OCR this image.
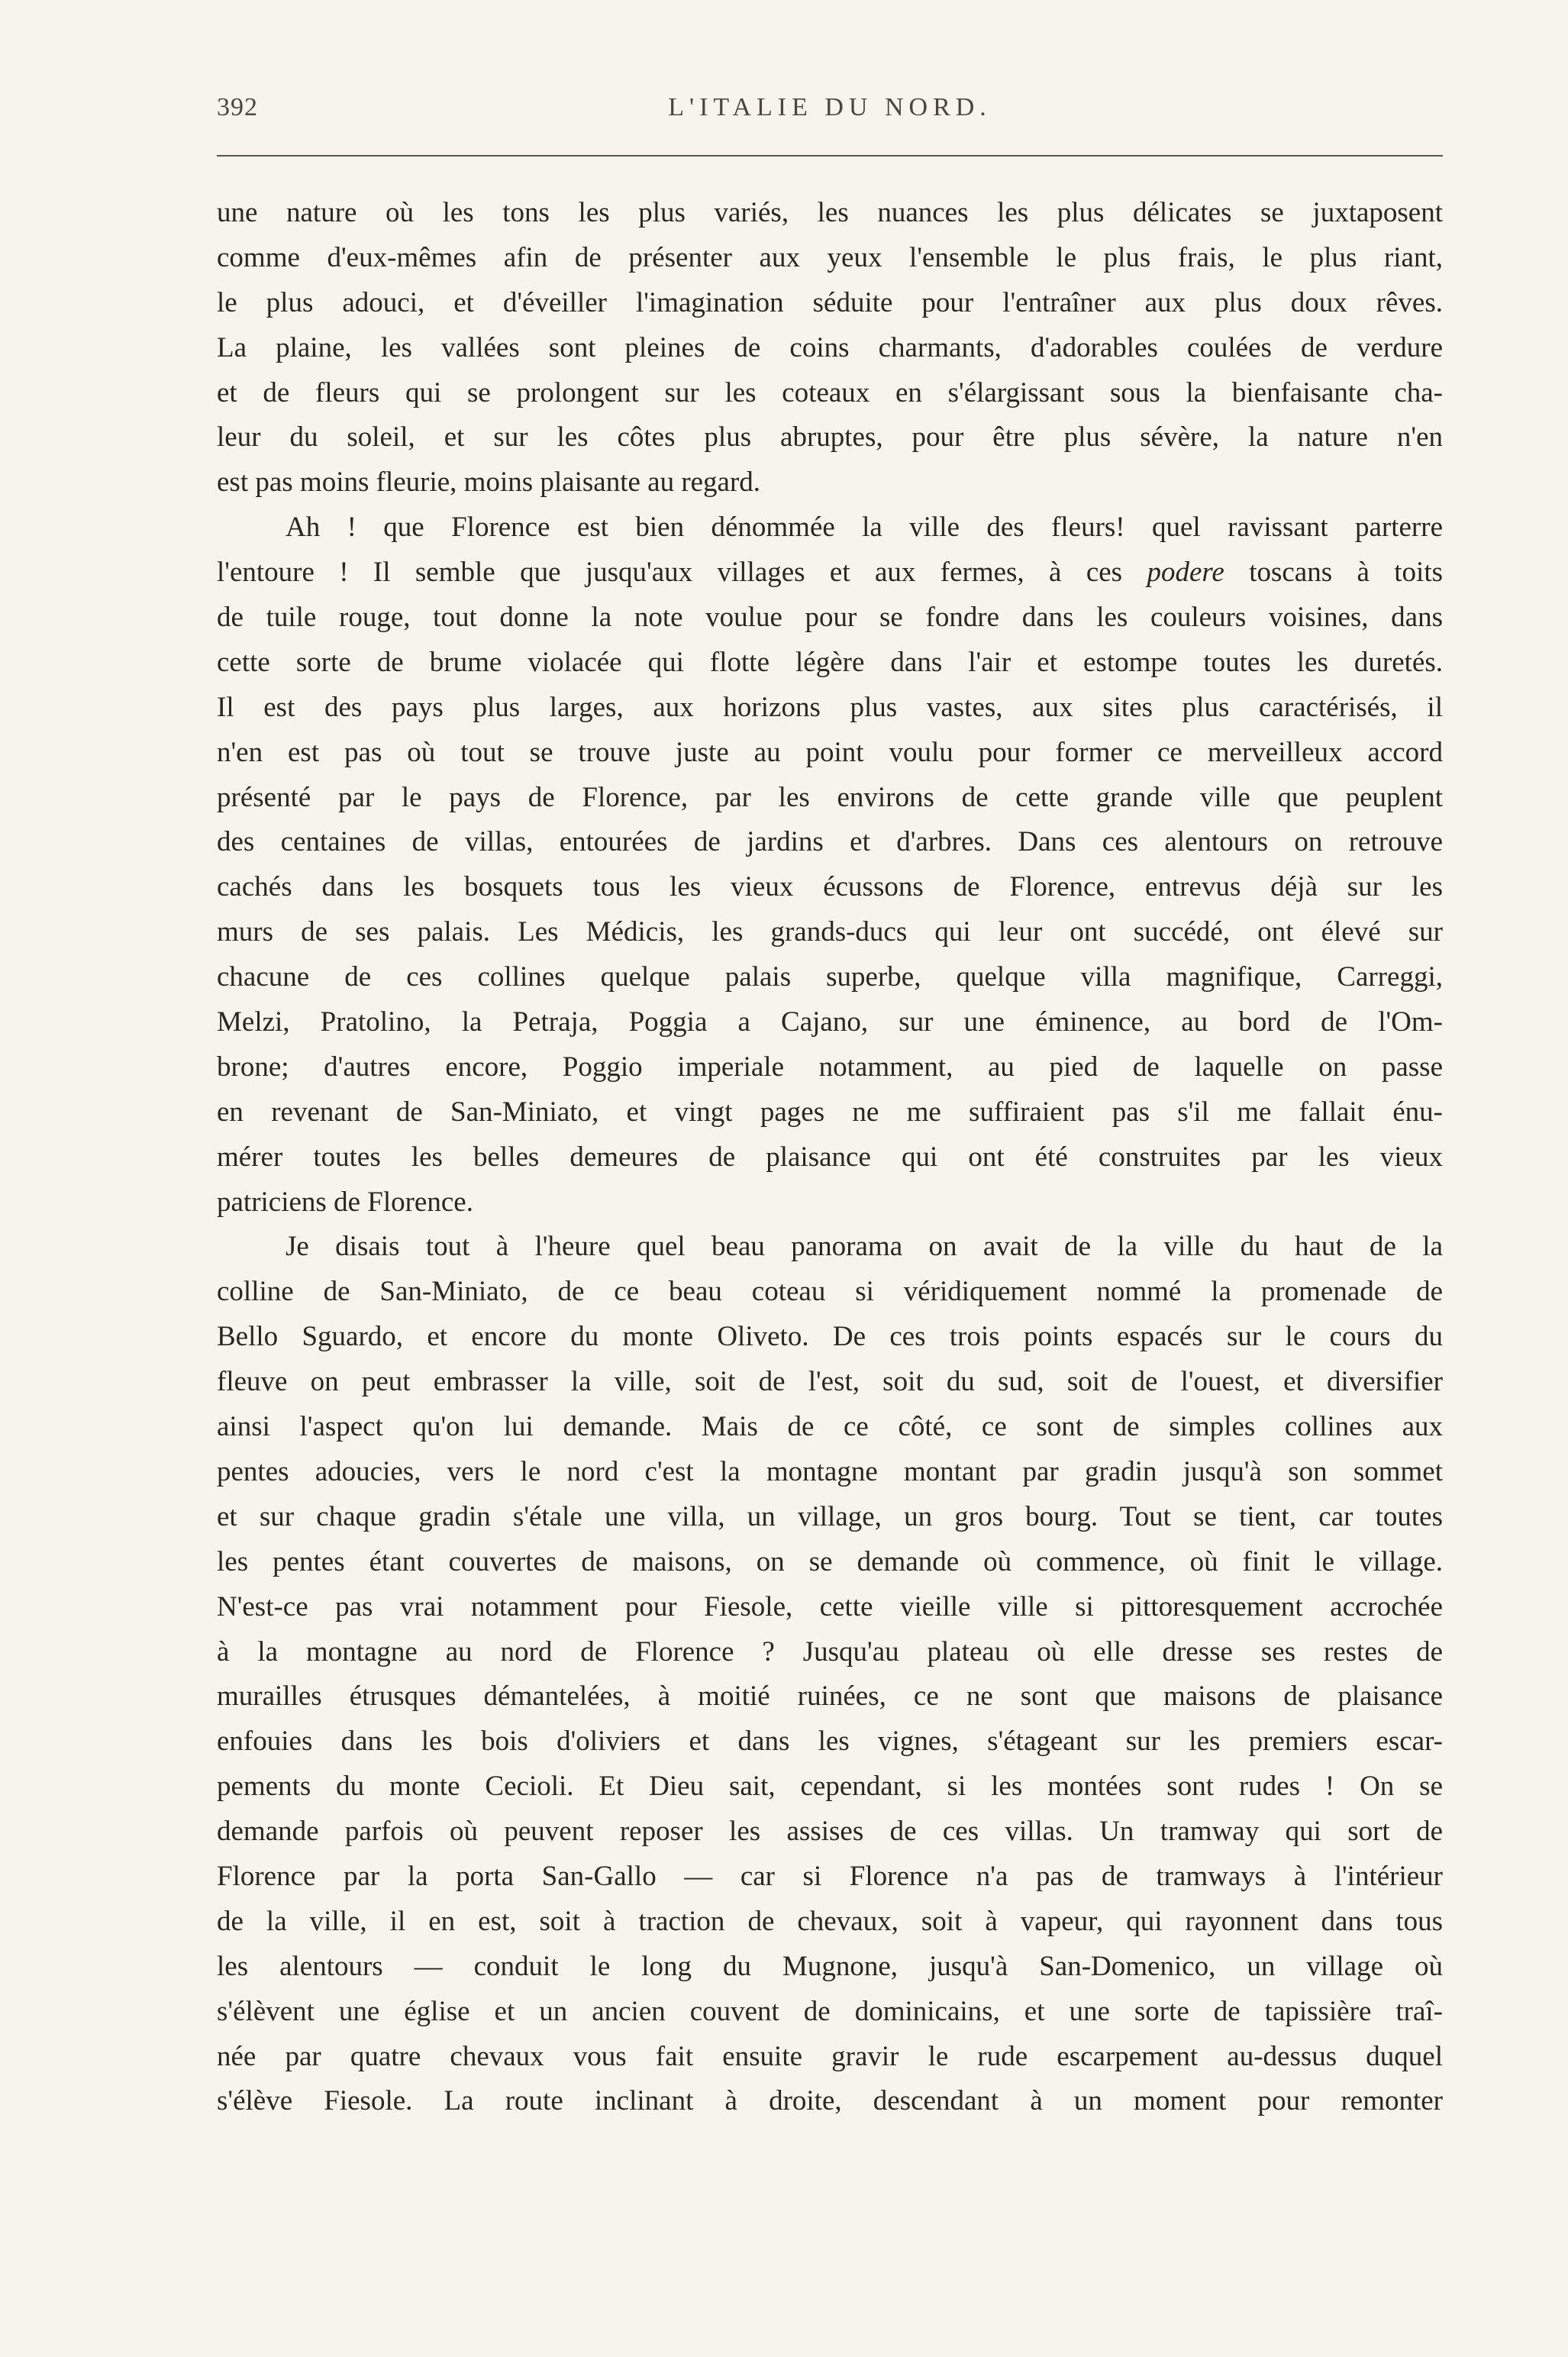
392	L'ITALIE DU NORD.
une nature où les tons les plus variés, les nuances les plus délicates se juxtaposent
comme d'eux-mêmes afin de présenter aux yeux l'ensemble le plus frais, le plus riant,
le plus adouci, et d'éveiller l'imagination séduite pour l'entraîner aux plus doux rêves.
La plaine, les vallées sont pleines de coins charmants, d'adorables coulées de verdure
et de fleurs qui se prolongent sur les coteaux en s'élargissant sous la bienfaisante cha-
leur du soleil, et sur les côtes plus abruptes, pour être plus sévère, la nature n'en
est pas moins fleurie, moins plaisante au regard.
Ah ! que Florence est bien dénommée la ville des fleurs! quel ravissant parterre
l'entoure ! Il semble que jusqu'aux villages et aux fermes, à ces podere toscans à toits
de tuile rouge, tout donne la note voulue pour se fondre dans les couleurs voisines, dans
cette sorte de brume violacée qui flotte légère dans l'air et estompe toutes les duretés.
Il est des pays plus larges, aux horizons plus vastes, aux sites plus caractérisés, il
n'en est pas où tout se trouve juste au point voulu pour former ce merveilleux accord
présenté par le pays de Florence, par les environs de cette grande ville que peuplent
des centaines de villas, entourées de jardins et d'arbres. Dans ces alentours on retrouve
cachés dans les bosquets tous les vieux écussons de Florence, entrevus déjà sur les
murs de ses palais. Les Médicis, les grands-ducs qui leur ont succédé, ont élevé sur
chacune de ces collines quelque palais superbe, quelque villa magnifique, Carreggi,
Melzi, Pratolino, la Petraja, Poggia a Cajano, sur une éminence, au bord de l'Om-
brone; d'autres encore, Poggio imperiale notamment, au pied de laquelle on passe
en revenant de San-Miniato, et vingt pages ne me suffiraient pas s'il me fallait énu-
mérer toutes les belles demeures de plaisance qui ont été construites par les vieux
patriciens de Florence.
Je disais tout à l'heure quel beau panorama on avait de la ville du haut de la
colline de San-Miniato, de ce beau coteau si véridiquement nommé la promenade de
Bello Sguardo, et encore du monte Oliveto. De ces trois points espacés sur le cours du
fleuve on peut embrasser la ville, soit de l'est, soit du sud, soit de l'ouest, et diversifier
ainsi l'aspect qu'on lui demande. Mais de ce côté, ce sont de simples collines aux
pentes adoucies, vers le nord c'est la montagne montant par gradin jusqu'à son sommet
et sur chaque gradin s'étale une villa, un village, un gros bourg. Tout se tient, car toutes
les pentes étant couvertes de maisons, on se demande où commence, où finit le village.
N'est-ce pas vrai notamment pour Fiesole, cette vieille ville si pittoresquement accrochée
à la montagne au nord de Florence ? Jusqu'au plateau où elle dresse ses restes de
murailles étrusques démantelées, à moitié ruinées, ce ne sont que maisons de plaisance
enfouies dans les bois d'oliviers et dans les vignes, s'étageant sur les premiers escar-
pements du monte Cecioli. Et Dieu sait, cependant, si les montées sont rudes ! On se
demande parfois où peuvent reposer les assises de ces villas. Un tramway qui sort de
Florence par la porta San-Gallo — car si Florence n'a pas de tramways à l'intérieur
de la ville, il en est, soit à traction de chevaux, soit à vapeur, qui rayonnent dans tous
les alentours — conduit le long du Mugnone, jusqu'à San-Domenico, un village où
s'élèvent une église et un ancien couvent de dominicains, et une sorte de tapissière traî-
née par quatre chevaux vous fait ensuite gravir le rude escarpement au-dessus duquel
s'élève Fiesole. La route inclinant à droite, descendant à un moment pour remonter
